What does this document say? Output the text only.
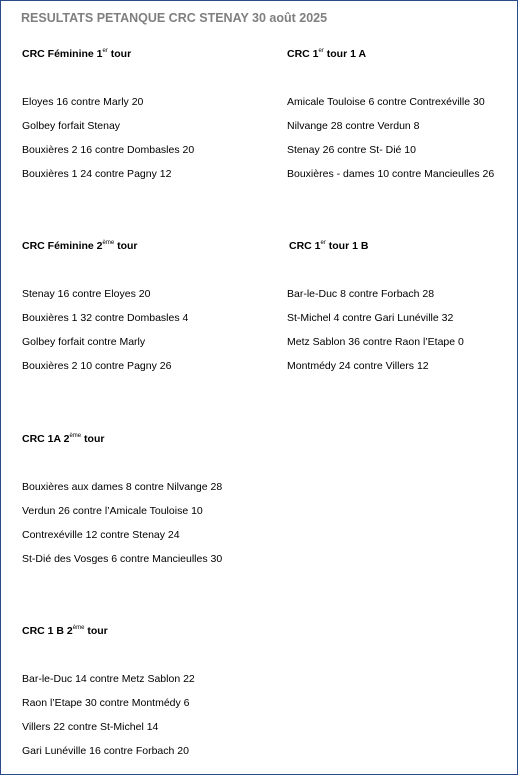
RESULTATS PETANQUE CRC STENAY 30 août 2025
CRC Féminine 1er tour
Eloyes 16 contre Marly 20
Golbey forfait Stenay
Bouxières 2 16 contre Dombasles 20
Bouxières 1 24 contre Pagny 12
CRC 1er tour 1 A
Amicale Touloise 6 contre Contrexéville 30
Nilvange 28 contre Verdun 8
Stenay 26 contre St- Dié 10
Bouxières - dames 10 contre Mancieulles 26
CRC Féminine 2ème tour
Stenay 16 contre Eloyes 20
Bouxières 1 32 contre Dombasles 4
Golbey forfait contre Marly
Bouxières 2 10 contre Pagny 26
CRC 1er tour 1 B
Bar-le-Duc 8 contre Forbach 28
St-Michel 4 contre Gari Lunéville 32
Metz Sablon 36 contre Raon l’Etape 0
Montmédy 24 contre Villers 12
CRC 1A 2ème tour
Bouxières aux dames 8 contre Nilvange 28
Verdun 26 contre l’Amicale Touloise 10
Contrexéville 12 contre Stenay 24
St-Dié des Vosges 6 contre Mancieulles 30
CRC 1 B 2ème tour
Bar-le-Duc 14 contre Metz Sablon 22
Raon l’Etape 30 contre Montmédy 6
Villers 22 contre St-Michel 14
Gari Lunéville 16 contre Forbach 20
